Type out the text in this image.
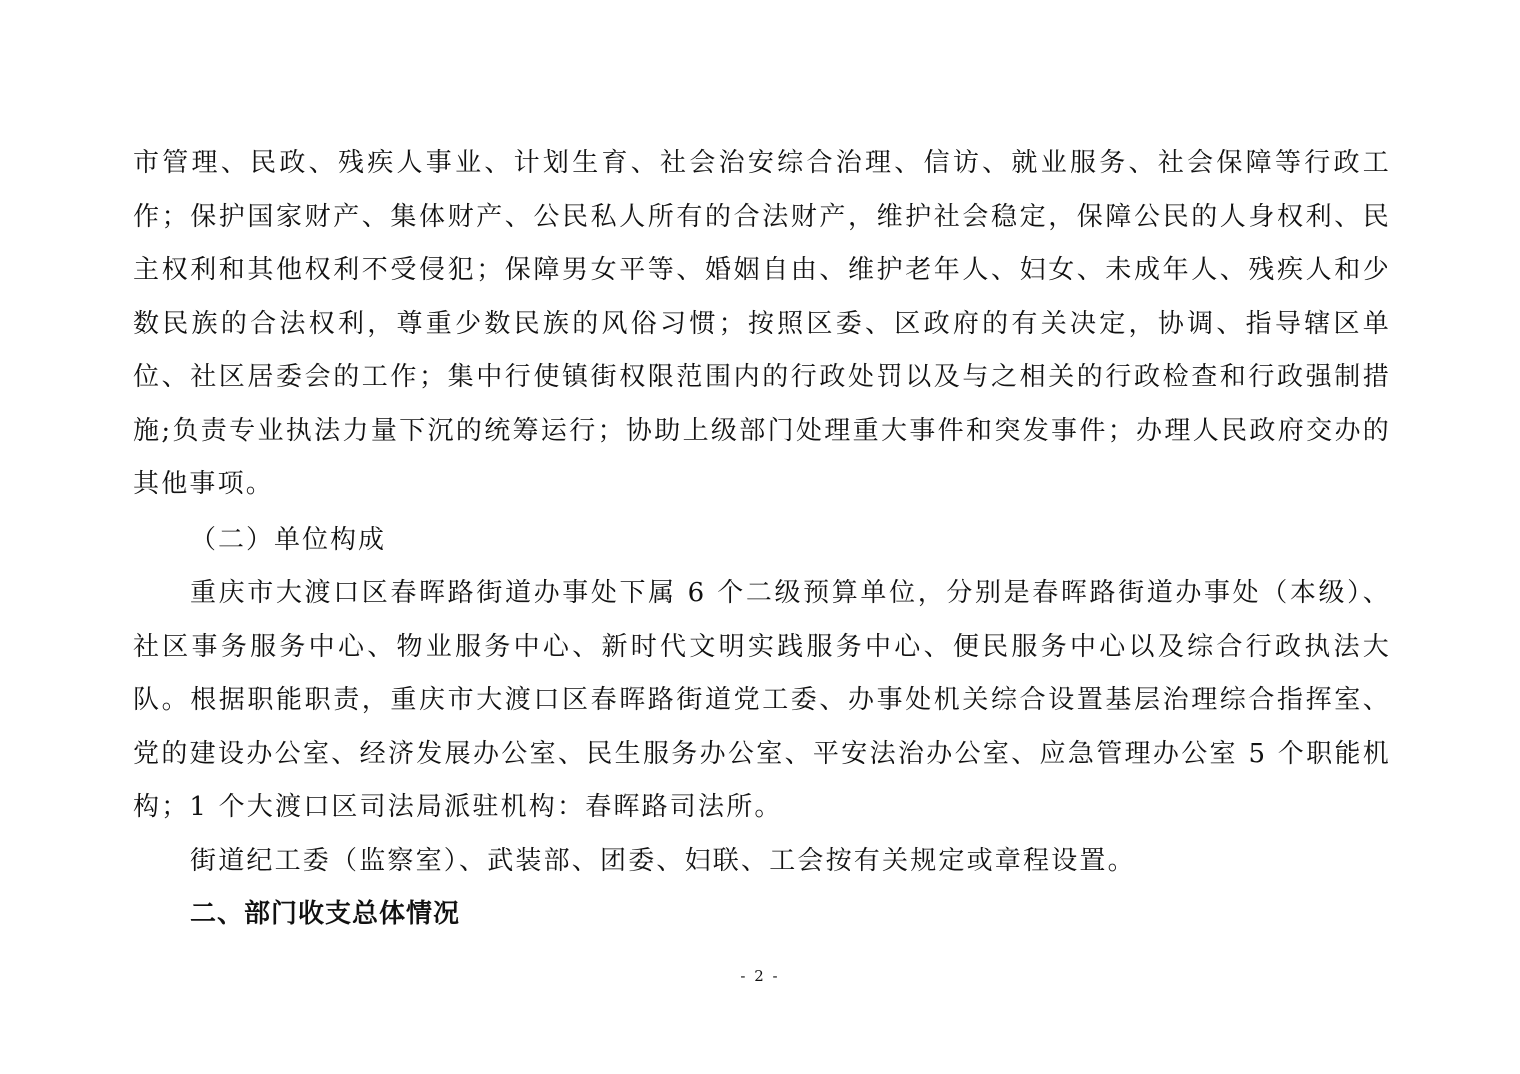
市管理、民政、残疾人事业、计划生育、社会治安综合治理、信访、就业服务、社会保障等行政工作；保护国家财产、集体财产、公民私人所有的合法财产，维护社会稳定，保障公民的人身权利、民主权利和其他权利不受侵犯；保障男女平等、婚姻自由、维护老年人、妇女、未成年人、残疾人和少数民族的合法权利，尊重少数民族的风俗习惯；按照区委、区政府的有关决定，协调、指导辖区单位、社区居委会的工作；集中行使镇街权限范围内的行政处罚以及与之相关的行政检查和行政强制措施;负责专业执法力量下沉的统筹运行；协助上级部门处理重大事件和突发事件；办理人民政府交办的其他事项。

（二）单位构成

重庆市大渡口区春晖路街道办事处下属 6 个二级预算单位，分别是春晖路街道办事处（本级）、社区事务服务中心、物业服务中心、新时代文明实践服务中心、便民服务中心以及综合行政执法大队。根据职能职责，重庆市大渡口区春晖路街道党工委、办事处机关综合设置基层治理综合指挥室、党的建设办公室、经济发展办公室、民生服务办公室、平安法治办公室、应急管理办公室 5 个职能机构；1 个大渡口区司法局派驻机构：春晖路司法所。

街道纪工委（监察室）、武装部、团委、妇联、工会按有关规定或章程设置。

二、部门收支总体情况
- 2 -
